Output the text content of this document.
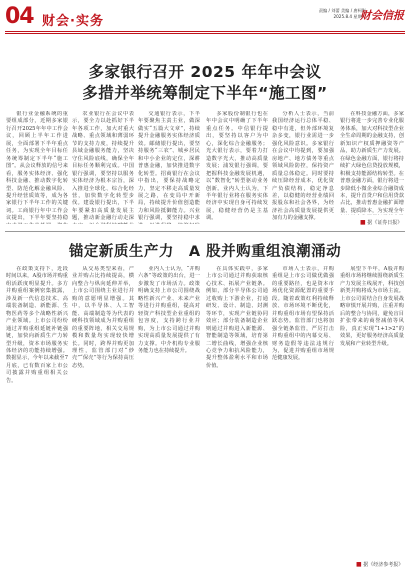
04 财会·实务
责编 / 刘蕾 美编 / 唐柯影
2025.8.4 星期一
财会信报
多家银行召开 2025 年年中会议
多措并举统筹制定下半年“施工图”

银行业金融系统的重要组成部分，近期多家银行召开2025年年中工作会议，回顾上半年工作进展，全面部署下半年重点任务，为实现全年目标任务统筹制定下半年“施工图”。从会议释放的信号来看，服务实体经济、强化科技金融、推动数字化转型、防范化解金融风险、提升经营质效等，成为各家银行下半年工作的关键词。工商银行年中工作会议提出，下半年要坚持稳

农业银行在会议中表示，要全力以赴抓好下半年各项工作，加大对重大战略、重点领域和薄弱环节的支持力度，持续提升县域金融服务能力，坚决守住风险底线，确保全年目标任务顺利完成。中国银行强调，要坚持以服务实体经济为根本宗旨，深入推进全球化、综合化经营，加快数字化转型步伐。建设银行提出，下半年要紧扣高质量发展主题，推动新金融行动走深

交通银行表示，下半年要聚焦主责主业，做深做实“五篇大文章”，持续提升金融服务实体经济质效。邮储银行提出，要坚持服务“三农”、城乡居民和中小企业的定位，深耕普惠金融，加快推进数字化转型。招商银行在会议中指出，要保持战略定力，坚定不移走高质量发展之路，在变局中开新局，持续提升价值创造能力和风险抵御能力。兴业银行强调，要坚持稳中求

多家股份制银行也在年中会议中明确了下半年重点任务。中信银行提出，要坚持以客户为中心，深化综合金融服务；光大银行表示，要着力打造数字光大，推动高质量发展；浦发银行强调，要把握科技金融发展机遇，以“数智化”转型驱动业务创新。业内人士认为，下半年银行业将在服务实体经济中实现自身可持续发展，稳健经营仍是主基调。

分析人士表示，当前我国经济运行总体平稳、稳中有进，但外部环境复杂多变，银行业需进一步强化风险意识。多家银行在会议中均提到，要加强房地产、地方债务等重点领域风险防控，保持资产质量总体稳定。同时要持续压降经营成本，优化资产负债结构，稳定净息差，以稳健的经营业绩回报股东和社会各界，为经济社会高质量发展提供更加有力的金融支撑。

在科技金融方面，多家银行将进一步完善专业化服务体系，加大对科技型企业全生命周期的金融支持，创新知识产权质押融资等产品，助力新质生产力发展。在绿色金融方面，银行将持续扩大绿色信贷投放规模，积极支持能源结构转型。在普惠金融方面，银行将进一步降低小微企业综合融资成本，提升首贷户和信用贷款占比，推动普惠金融扩面增量、提质降本，为实现全年

■ 据《证券日报》
锚定新质生产力　A 股并购重组浪潮涌动

在政策支持下，近段时间以来，A股市场并购重组活跃度明显提升。多方并购重组案例密集披露，涉及新一代信息技术、高端装备制造、新能源、生物医药等多个战略性新兴产业领域。上市公司纷纷通过并购重组延链补链强链，加快向新质生产力转型升级，资本市场服务实体经济的功能持续增强。数据显示，今年以来截至7月底，已有数百家上市公司披露并购重组相关公告。

从交易类型来看，产业并购占比持续提高，横向整合与纵向延伸并举，上市公司围绕主业进行并购的意愿明显增强。其中，以半导体、人工智能、高端制造等为代表的硬科技领域成为并购重组的重要阵地，相关交易规模和数量均实现较快增长。同时，跨界并购更加理性，监管部门对“炒壳”“保壳”等行为保持高压态势。

业内人士认为，“并购六条”等政策的出台，进一步激发了市场活力。政策明确支持上市公司围绕战略性新兴产业、未来产业等进行并购重组，提高对轻资产科技型企业重组的包容度，支持跨行业并购，为上市公司通过并购实现高质量发展提供了有力支撑。中介机构专业服务能力也在持续提升。

在具体实践中，多家上市公司通过并购获取核心技术、拓展产业链条。例如，部分半导体公司通过收购上下游企业，打通研发、设计、制造、封测等环节，实现产业链协同效应；部分装备制造企业则通过并购进入新能源、智能制造等领域，培育第二增长曲线，增强企业核心竞争力和抗风险能力，提升整体盈利水平和市场价值。

市场人士表示，并购重组是上市公司做优做强的重要路径，也是资本市场优化资源配置的重要手段。随着政策红利持续释放、市场环境不断优化，并购重组市场有望保持活跃态势。监管部门也将加强全链条监管，严厉打击并购重组中的内幕交易、财务造假等违法违规行为，促进并购重组市场规范健康发展。

展望下半年，A股并购重组市场将继续围绕新质生产力发展主线展开，科技创新类并购将成为市场主流。上市公司需结合自身发展战略审慎开展并购，注重并购后的整合与协同，避免盲目扩张带来的商誉减值等风险，真正实现“1+1>2”的效果，更好服务经济高质量发展和产业转型升级。

■ 据《经济参考报》
